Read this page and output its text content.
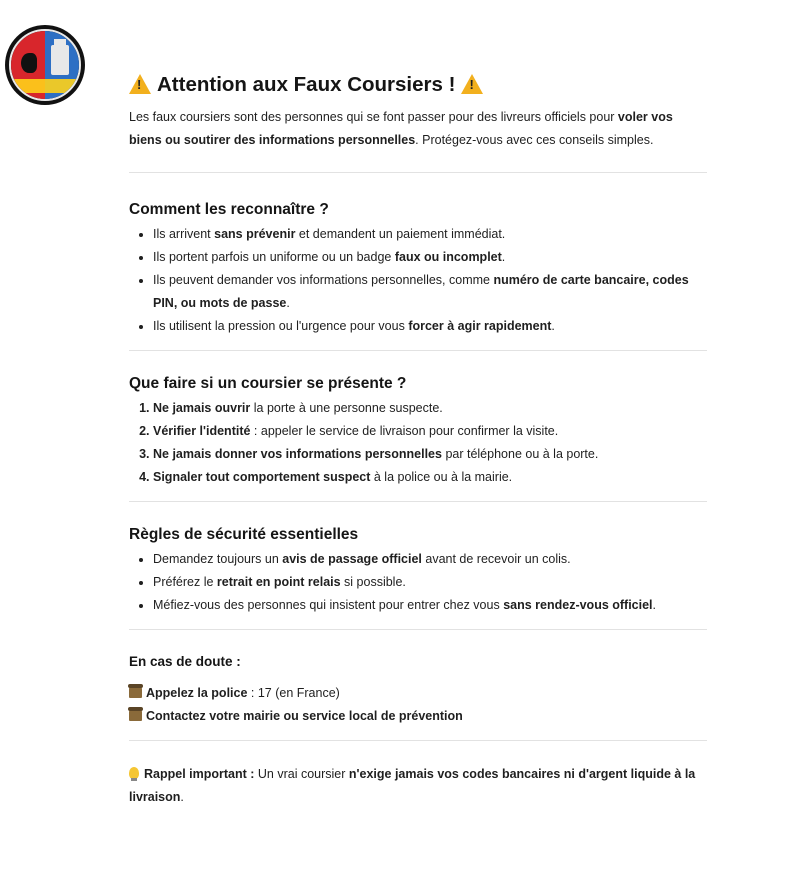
!
Attention aux Faux Coursiers !
!

Les faux coursiers sont des personnes qui se font passer pour des livreurs officiels pour voler vos biens ou soutirer des informations personnelles. Protégez-vous avec ces conseils simples.

Comment les reconnaître ?
• Ils arrivent sans prévenir et demandent un paiement immédiat.
• Ils portent parfois un uniforme ou un badge faux ou incomplet.
• Ils peuvent demander vos informations personnelles, comme numéro de carte bancaire, codes PIN, ou mots de passe.
• Ils utilisent la pression ou l'urgence pour vous forcer à agir rapidement.
Que faire si un coursier se présente ?
1. Ne jamais ouvrir la porte à une personne suspecte.
2. Vérifier l'identité : appeler le service de livraison pour confirmer la visite.
3. Ne jamais donner vos informations personnelles par téléphone ou à la porte.
4. Signaler tout comportement suspect à la police ou à la mairie.
Règles de sécurité essentielles
• Demandez toujours un avis de passage officiel avant de recevoir un colis.
• Préférez le retrait en point relais si possible.
• Méfiez-vous des personnes qui insistent pour entrer chez vous sans rendez-vous officiel.
En cas de doute :

Appelez la police : 17 (en France)

Contactez votre mairie ou service local de prévention

Rappel important : Un vrai coursier n'exige jamais vos codes bancaires ni d'argent liquide à la livraison.
